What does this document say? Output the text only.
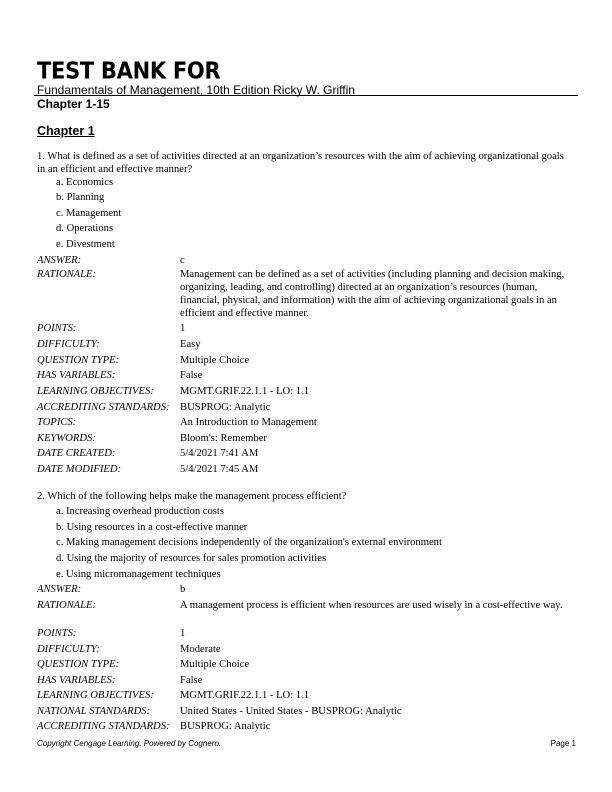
TEST BANK FOR
Fundamentals of Management, 10th Edition Ricky W. Griffin
Chapter 1-15
Chapter 1
1. What is defined as a set of activities directed at an organization’s resources with the aim of achieving organizational goals in an efficient and effective manner?
a. Economics
b. Planning
c. Management
d. Operations
e. Divestment
ANSWER:	c
RATIONALE:	Management can be defined as a set of activities (including planning and decision making, organizing, leading, and controlling) directed at an organization’s resources (human, financial, physical, and information) with the aim of achieving organizational goals in an efficient and effective manner.
POINTS:	1
DIFFICULTY:	Easy
QUESTION TYPE:	Multiple Choice
HAS VARIABLES:	False
LEARNING OBJECTIVES: MGMT.GRIF.22.1.1 - LO: 1.1
ACCREDITING STANDARDS: BUSPROG: Analytic
TOPICS:	An Introduction to Management
KEYWORDS:	Bloom's: Remember
DATE CREATED:	5/4/2021 7:41 AM
DATE MODIFIED:	5/4/2021 7:45 AM
2. Which of the following helps make the management process efficient?
a. Increasing overhead production costs
b. Using resources in a cost-effective manner
c. Making management decisions independently of the organization's external environment
d. Using the majority of resources for sales promotion activities
e. Using micromanagement techniques
ANSWER:	b
RATIONALE:	A management process is efficient when resources are used wisely in a cost-effective way.
POINTS:	1
DIFFICULTY:	Moderate
QUESTION TYPE:	Multiple Choice
HAS VARIABLES:	False
LEARNING OBJECTIVES: MGMT.GRIF.22.1.1 - LO: 1.1
NATIONAL STANDARDS:	United States - United States - BUSPROG: Analytic
ACCREDITING STANDARDS: BUSPROG: Analytic
Copyright Cengage Learning. Powered by Cognero.	Page 1
